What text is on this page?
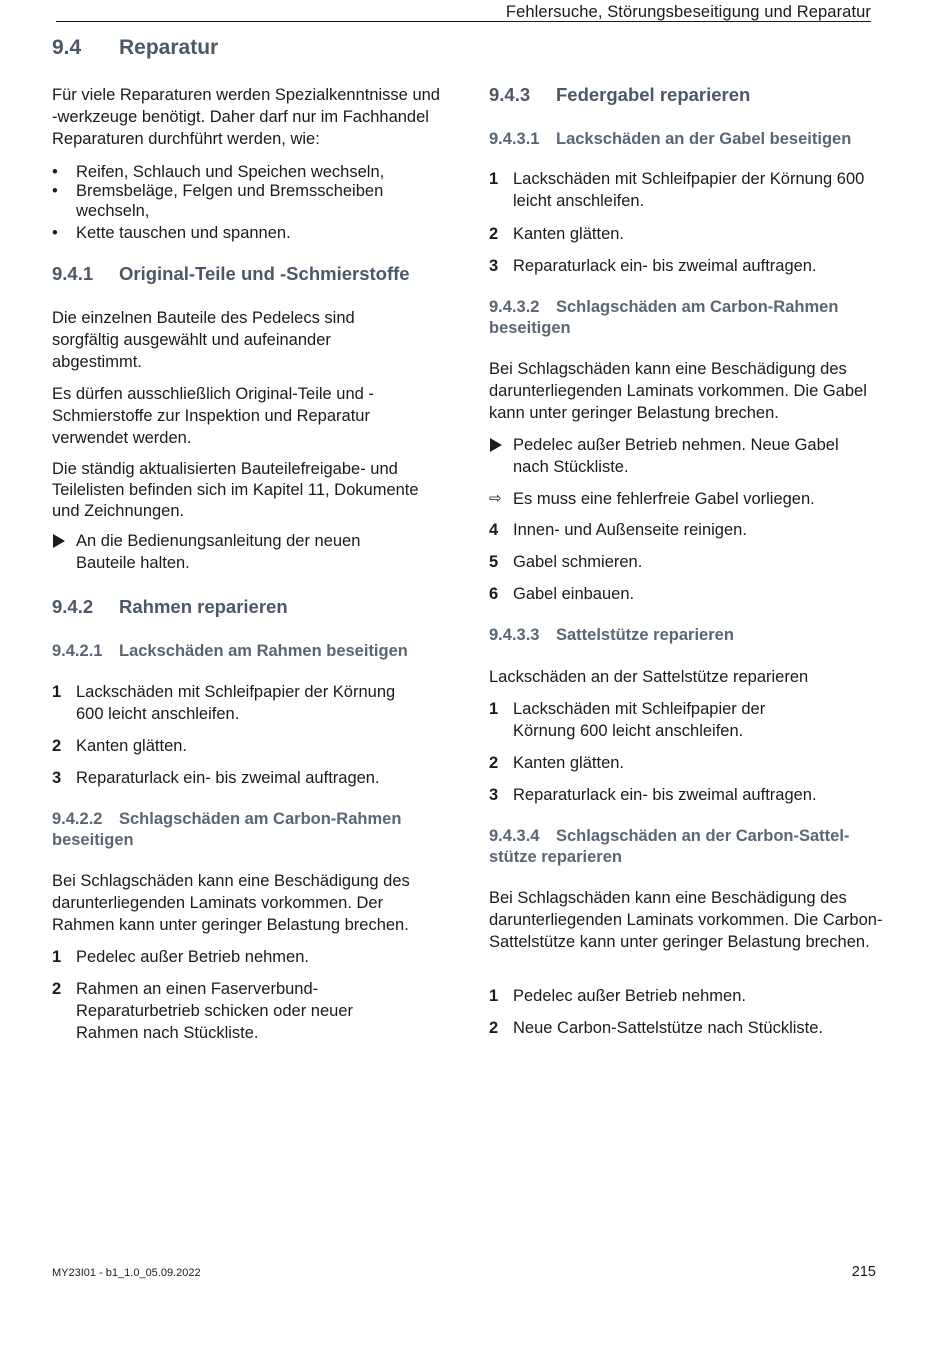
Fehlersuche, Störungsbeseitigung und Reparatur
9.4 Reparatur
Für viele Reparaturen werden Spezialkenntnisse und -werkzeuge benötigt. Daher darf nur im Fachhandel Reparaturen durchführt werden, wie:
• Reifen, Schlauch und Speichen wechseln,
• Bremsbeläge, Felgen und Bremsscheiben wechseln,
• Kette tauschen und spannen.
9.4.1 Original-Teile und -Schmierstoffe
Die einzelnen Bauteile des Pedelecs sind sorgfältig ausgewählt und aufeinander abgestimmt.
Es dürfen ausschließlich Original-Teile und -Schmierstoffe zur Inspektion und Reparatur verwendet werden.
Die ständig aktualisierten Bauteilefreigabe- und Teilelisten befinden sich im Kapitel 11, Dokumente und Zeichnungen.
An die Bedienungsanleitung der neuen Bauteile halten.
9.4.2 Rahmen reparieren
9.4.2.1 Lackschäden am Rahmen beseitigen
1 Lackschäden mit Schleifpapier der Körnung 600 leicht anschleifen.
2 Kanten glätten.
3 Reparaturlack ein- bis zweimal auftragen.
9.4.2.2 Schlagschäden am Carbon-Rahmen
beseitigen
Bei Schlagschäden kann eine Beschädigung des darunterliegenden Laminats vorkommen. Der Rahmen kann unter geringer Belastung brechen.
1 Pedelec außer Betrieb nehmen.
2 Rahmen an einen Faserverbund-Reparaturbetrieb schicken oder neuer Rahmen nach Stückliste.
9.4.3 Federgabel reparieren
9.4.3.1 Lackschäden an der Gabel beseitigen
1 Lackschäden mit Schleifpapier der Körnung 600 leicht anschleifen.
2 Kanten glätten.
3 Reparaturlack ein- bis zweimal auftragen.
9.4.3.2 Schlagschäden am Carbon-Rahmen
beseitigen
Bei Schlagschäden kann eine Beschädigung des darunterliegenden Laminats vorkommen. Die Gabel kann unter geringer Belastung brechen.
Pedelec außer Betrieb nehmen. Neue Gabel nach Stückliste.
⇨ Es muss eine fehlerfreie Gabel vorliegen.
4 Innen- und Außenseite reinigen.
5 Gabel schmieren.
6 Gabel einbauen.
9.4.3.3 Sattelstütze reparieren
Lackschäden an der Sattelstütze reparieren
1 Lackschäden mit Schleifpapier der Körnung 600 leicht anschleifen.
2 Kanten glätten.
3 Reparaturlack ein- bis zweimal auftragen.
9.4.3.4 Schlagschäden an der Carbon-Sattel-
stütze reparieren
Bei Schlagschäden kann eine Beschädigung des darunterliegenden Laminats vorkommen. Die Carbon-Sattelstütze kann unter geringer Belastung brechen.
1 Pedelec außer Betrieb nehmen.
2 Neue Carbon-Sattelstütze nach Stückliste.
MY23I01 - b1_1.0_05.09.2022	215
